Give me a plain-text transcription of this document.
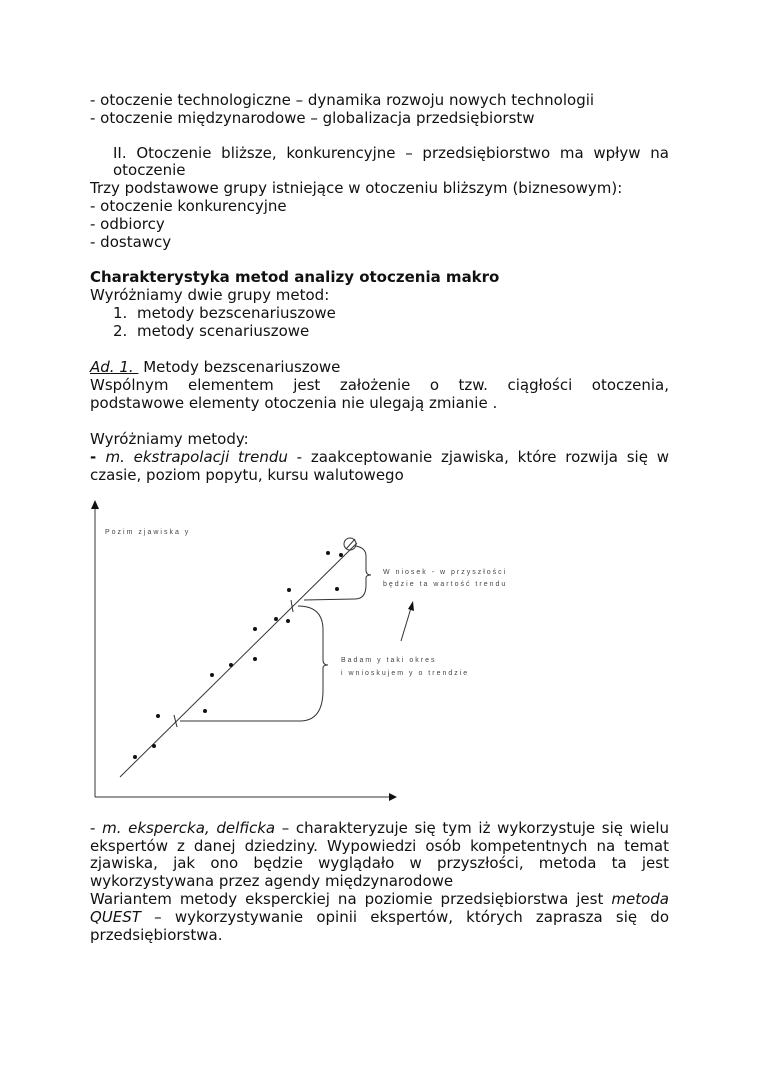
- otoczenie technologiczne – dynamika rozwoju nowych technologii
- otoczenie międzynarodowe – globalizacja przedsiębiorstw
II. Otoczenie bliższe, konkurencyjne – przedsiębiorstwo ma wpływ na
otoczenie
Trzy podstawowe grupy istniejące w otoczeniu bliższym (biznesowym):
- otoczenie konkurencyjne
- odbiorcy
- dostawcy
Charakterystyka metod analizy otoczenia makro
Wyróżniamy dwie grupy metod:
1. metody bezscenariuszowe
2. metody scenariuszowe
Ad. 1.  Metody bezscenariuszowe
Wspólnym elementem jest założenie o tzw. ciągłości otoczenia,
podstawowe elementy otoczenia nie ulegają zmianie .
Wyróżniamy metody:
- m. ekstrapolacji trendu - zaakceptowanie zjawiska, które rozwija się w
czasie, poziom popytu, kursu walutowego
Pozim zjawiska y
W niosek - w przyszłości
będzie ta wartość trendu
Badam y taki okres
i wnioskujem y o trendzie
- m. ekspercka, delficka – charakteryzuje się tym iż wykorzystuje się wielu
ekspertów z danej dziedziny. Wypowiedzi osób kompetentnych na temat
zjawiska, jak ono będzie wyglądało w przyszłości, metoda ta jest
wykorzystywana przez agendy międzynarodowe
Wariantem metody eksperckiej na poziomie przedsiębiorstwa jest metoda
QUEST – wykorzystywanie opinii ekspertów, których zaprasza się do
przedsiębiorstwa.
